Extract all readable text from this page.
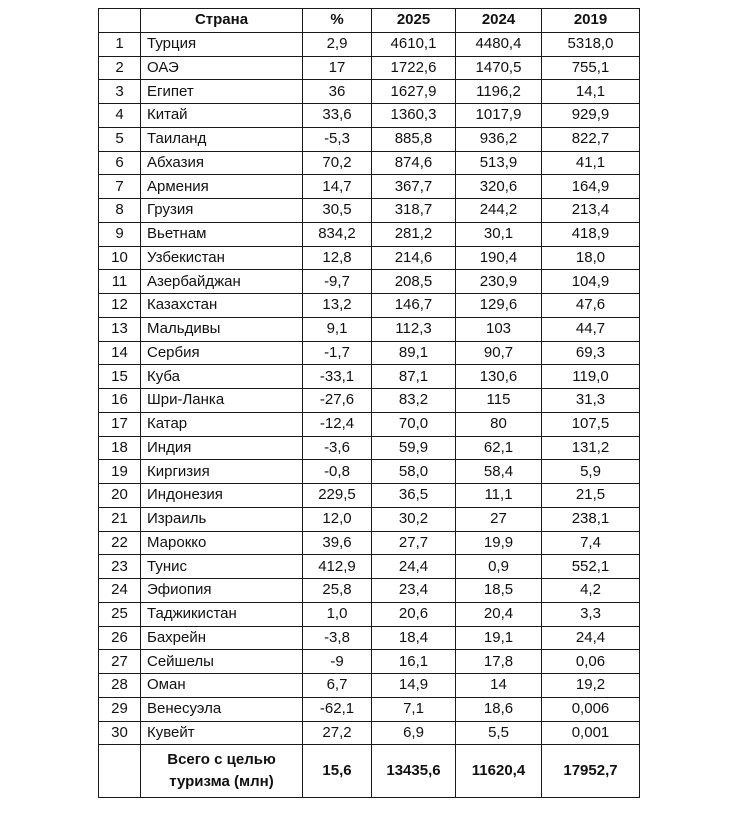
	Страна	%	2025	2024	2019
1	Турция	2,9	4610,1	4480,4	5318,0
2	ОАЭ	17	1722,6	1470,5	755,1
3	Египет	36	1627,9	1196,2	14,1
4	Китай	33,6	1360,3	1017,9	929,9
5	Таиланд	-5,3	885,8	936,2	822,7
6	Абхазия	70,2	874,6	513,9	41,1
7	Армения	14,7	367,7	320,6	164,9
8	Грузия	30,5	318,7	244,2	213,4
9	Вьетнам	834,2	281,2	30,1	418,9
10	Узбекистан	12,8	214,6	190,4	18,0
11	Азербайджан	-9,7	208,5	230,9	104,9
12	Казахстан	13,2	146,7	129,6	47,6
13	Мальдивы	9,1	112,3	103	44,7
14	Сербия	-1,7	89,1	90,7	69,3
15	Куба	-33,1	87,1	130,6	119,0
16	Шри-Ланка	-27,6	83,2	115	31,3
17	Катар	-12,4	70,0	80	107,5
18	Индия	-3,6	59,9	62,1	131,2
19	Киргизия	-0,8	58,0	58,4	5,9
20	Индонезия	229,5	36,5	11,1	21,5
21	Израиль	12,0	30,2	27	238,1
22	Марокко	39,6	27,7	19,9	7,4
23	Тунис	412,9	24,4	0,9	552,1
24	Эфиопия	25,8	23,4	18,5	4,2
25	Таджикистан	1,0	20,6	20,4	3,3
26	Бахрейн	-3,8	18,4	19,1	24,4
27	Сейшелы	-9	16,1	17,8	0,06
28	Оман	6,7	14,9	14	19,2
29	Венесуэла	-62,1	7,1	18,6	0,006
30	Кувейт	27,2	6,9	5,5	0,001
	Всего с целью туризма (млн)	15,6	13435,6	11620,4	17952,7
